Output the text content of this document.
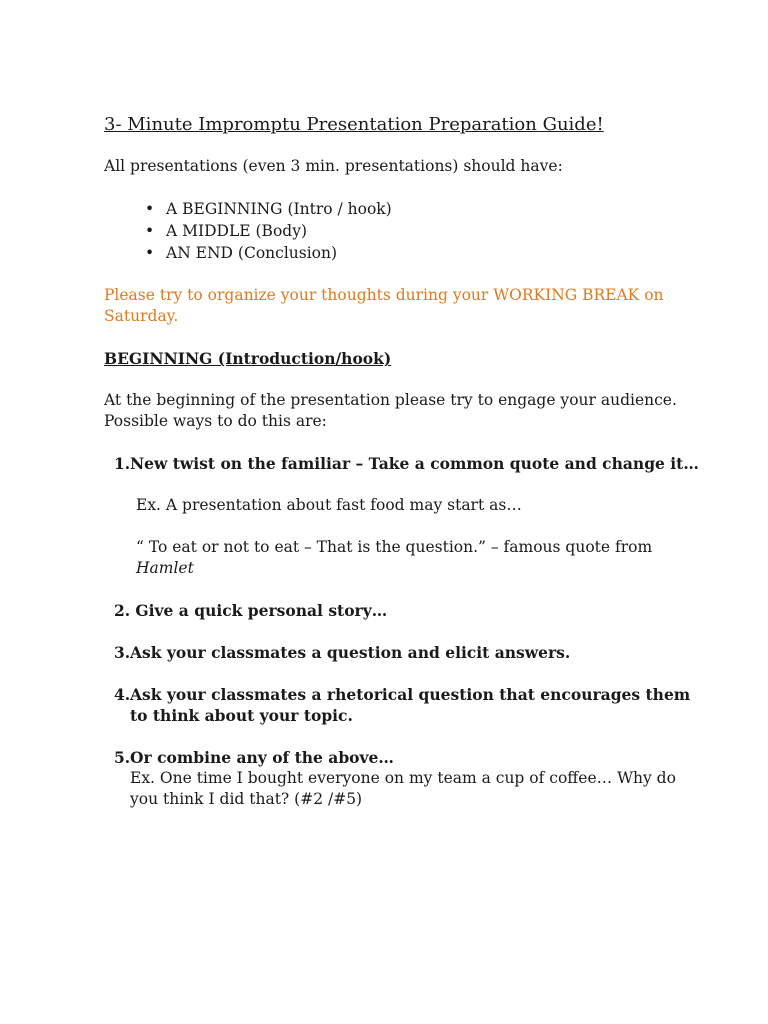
3- Minute Impromptu Presentation Preparation Guide!

All presentations (even 3 min. presentations) should have:

• A BEGINNING (Intro / hook)
• A MIDDLE (Body)
• AN END (Conclusion)

Please try to organize your thoughts during your WORKING BREAK on Saturday.

BEGINNING (Introduction/hook)

At the beginning of the presentation please try to engage your audience. Possible ways to do this are:

1. New twist on the familiar – Take a common quote and change it…

Ex. A presentation about fast food may start as…

“ To eat or not to eat – That is the question.” – famous quote from Hamlet

2. Give a quick personal story…
3. Ask your classmates a question and elicit answers.
4. Ask your classmates a rhetorical question that encourages them to think about your topic.
5. Or combine any of the above…

Ex. One time I bought everyone on my team a cup of coffee… Why do you think I did that? (#2 /#5)
